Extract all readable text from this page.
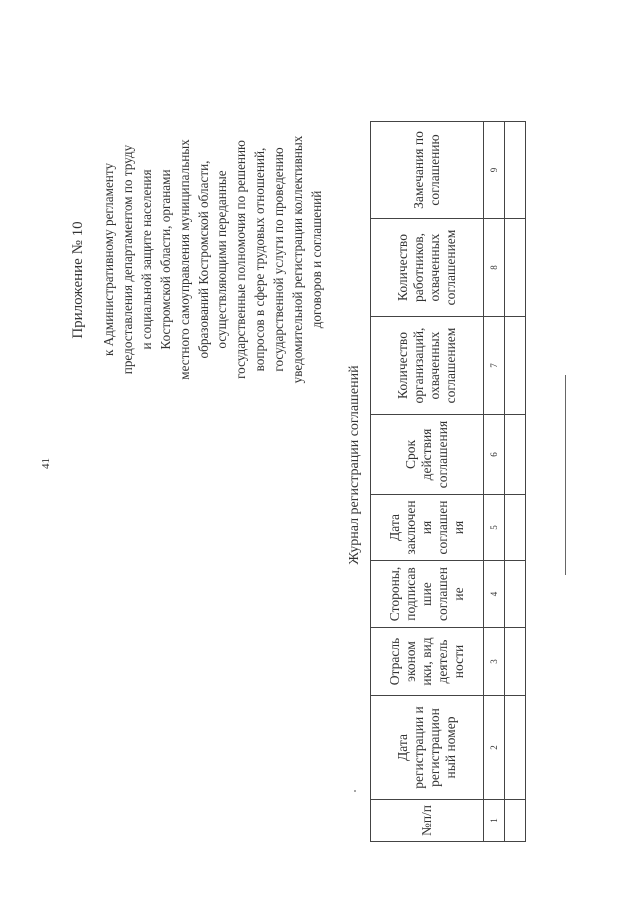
41
Приложение № 10 к Административному регламенту предоставления департаментом по труду и социальной защите населения Костромской области, органами местного самоуправления муниципальных образований Костромской области, осуществляющими переданные государственные полномочия по решению вопросов в сфере трудовых отношений, государственной услуги по проведению уведомительной регистрации коллективных договоров и соглашений
Журнал регистрации соглашений
№п/п	Дата
регистрации и
регистрацион
ный номер	Отрасль
эконом
ики, вид
деятель
ности	Стороны,
подписав
шие
соглашен
ие	Дата
заключен
ия
соглашен
ия	Срок
действия
соглашения	Количество
организаций,
охваченных
соглашением	Количество
работников,
охваченных
соглашением	Замечания по
соглашению

1	2	3	4	5	6	7	8	9
